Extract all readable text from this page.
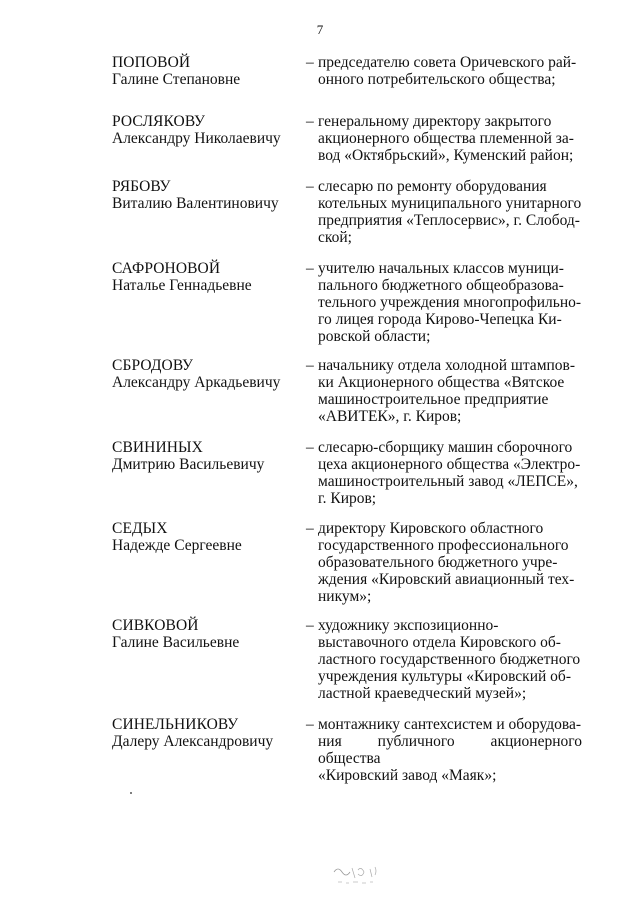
7
ПОПОВОЙ
Галине Степановне
– председателю совета Оричевского рай-
онного потребительского общества;
РОСЛЯКОВУ
Александру Николаевичу
– генеральному директору закрытого
акционерного общества племенной за-
вод «Октябрьский», Куменский район;
РЯБОВУ
Виталию Валентиновичу
– слесарю по ремонту оборудования
котельных муниципального унитарного
предприятия «Теплосервис», г. Слобод-
ской;
САФРОНОВОЙ
Наталье Геннадьевне
– учителю начальных классов муници-
пального бюджетного общеобразова-
тельного учреждения многопрофильно-
го лицея города Кирово-Чепецка Ки-
ровской области;
СБРОДОВУ
Александру Аркадьевичу
– начальнику отдела холодной штампов-
ки Акционерного общества «Вятское
машиностроительное предприятие
«АВИТЕК», г. Киров;
СВИНИНЫХ
Дмитрию Васильевичу
– слесарю-сборщику машин сборочного
цеха акционерного общества «Электро-
машиностроительный завод «ЛЕПСЕ»,
г. Киров;
СЕДЫХ
Надежде Сергеевне
– директору Кировского областного
государственного профессионального
образовательного бюджетного учре-
ждения «Кировский авиационный тех-
никум»;
СИВКОВОЙ
Галине Васильевне
– художнику экспозиционно-
выставочного отдела Кировского об-
ластного государственного бюджетного
учреждения культуры «Кировский об-
ластной краеведческий музей»;
СИНЕЛЬНИКОВУ
Далеру Александровичу
– монтажнику сантехсистем и оборудова-
ния публичного акционерного общества
«Кировский завод «Маяк»;
